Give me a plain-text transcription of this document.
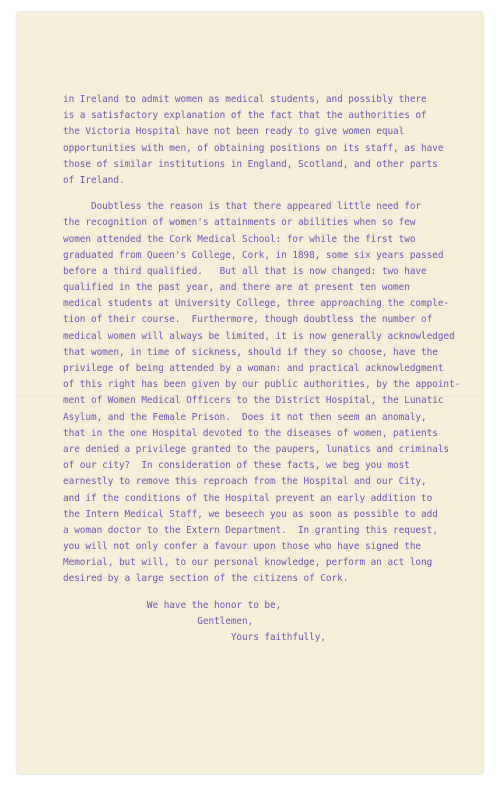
in Ireland to admit women as medical students, and possibly there
is a satisfactory explanation of the fact that the authorities of
the Victoria Hospital have not been ready to give women equal
opportunities with men, of obtaining positions on its staff, as have
those of similar institutions in England, Scotland, and other parts
of Ireland.
Doubtless the reason is that there appeared little need for
the recognition of women's attainments or abilities when so few
women attended the Cork Medical School: for while the first two
graduated from Queen's College, Cork, in 1898, some six years passed
before a third qualified.   But all that is now changed: two have
qualified in the past year, and there are at present ten women
medical students at University College, three approaching the comple-
tion of their course.  Furthermore, though doubtless the number of
medical women will always be limited, it is now generally acknowledged
that women, in time of sickness, should if they so choose, have the
privilege of being attended by a woman: and practical acknowledgment
of this right has been given by our public authorities, by the appoint-
ment of Women Medical Officers to the District Hospital, the Lunatic
Asylum, and the Female Prison.  Does it not then seem an anomaly,
that in the one Hospital devoted to the diseases of women, patients
are denied a privilege granted to the paupers, lunatics and criminals
of our city?  In consideration of these facts, we beg you most
earnestly to remove this reproach from the Hospital and our City,
and if the conditions of the Hospital prevent an early addition to
the Intern Medical Staff, we beseech you as soon as possible to add
a woman doctor to the Extern Department.  In granting this request,
you will not only confer a favour upon those who have signed the
Memorial, but will, to our personal knowledge, perform an act long
desired by a large section of the citizens of Cork.
We have the honor to be,
Gentlemen,
Yours faithfully,
